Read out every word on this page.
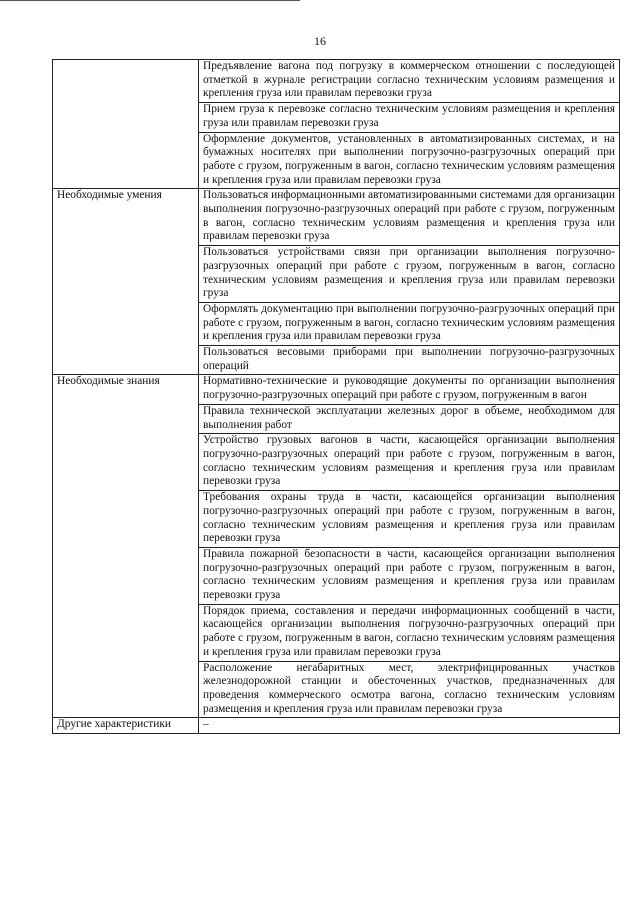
16
	Предъявление вагона под погрузку в коммерческом отношении с последующей отметкой в журнале регистрации согласно техническим условиям размещения и крепления груза или правилам перевозки груза
	Прием груза к перевозке согласно техническим условиям размещения и крепления груза или правилам перевозки груза
	Оформление документов, установленных в автоматизированных системах, и на бумажных носителях при выполнении погрузочно-разгрузочных операций при работе с грузом, погруженным в вагон, согласно техническим условиям размещения и крепления груза или правилам перевозки груза
Необходимые умения	Пользоваться информационными автоматизированными системами для организации выполнения погрузочно-разгрузочных операций при работе с грузом, погруженным в вагон, согласно техническим условиям размещения и крепления груза или правилам перевозки груза
	Пользоваться устройствами связи при организации выполнения погрузочно-разгрузочных операций при работе с грузом, погруженным в вагон, согласно техническим условиям размещения и крепления груза или правилам перевозки груза
	Оформлять документацию при выполнении погрузочно-разгрузочных операций при работе с грузом, погруженным в вагон, согласно техническим условиям размещения и крепления груза или правилам перевозки груза
	Пользоваться весовыми приборами при выполнении погрузочно-разгрузочных операций
Необходимые знания	Нормативно-технические и руководящие документы по организации выполнения погрузочно-разгрузочных операций при работе с грузом, погруженным в вагон
	Правила технической эксплуатации железных дорог в объеме, необходимом для выполнения работ
	Устройство грузовых вагонов в части, касающейся организации выполнения погрузочно-разгрузочных операций при работе с грузом, погруженным в вагон, согласно техническим условиям размещения и крепления груза или правилам перевозки груза
	Требования охраны труда в части, касающейся организации выполнения погрузочно-разгрузочных операций при работе с грузом, погруженным в вагон, согласно техническим условиям размещения и крепления груза или правилам перевозки груза
	Правила пожарной безопасности в части, касающейся организации выполнения погрузочно-разгрузочных операций при работе с грузом, погруженным в вагон, согласно техническим условиям размещения и крепления груза или правилам перевозки груза
	Порядок приема, составления и передачи информационных сообщений в части, касающейся организации выполнения погрузочно-разгрузочных операций при работе с грузом, погруженным в вагон, согласно техническим условиям размещения и крепления груза или правилам перевозки груза
	Расположение негабаритных мест, электрифицированных участков железнодорожной станции и обесточенных участков, предназначенных для проведения коммерческого осмотра вагона, согласно техническим условиям размещения и крепления груза или правилам перевозки груза
Другие характеристики	–
